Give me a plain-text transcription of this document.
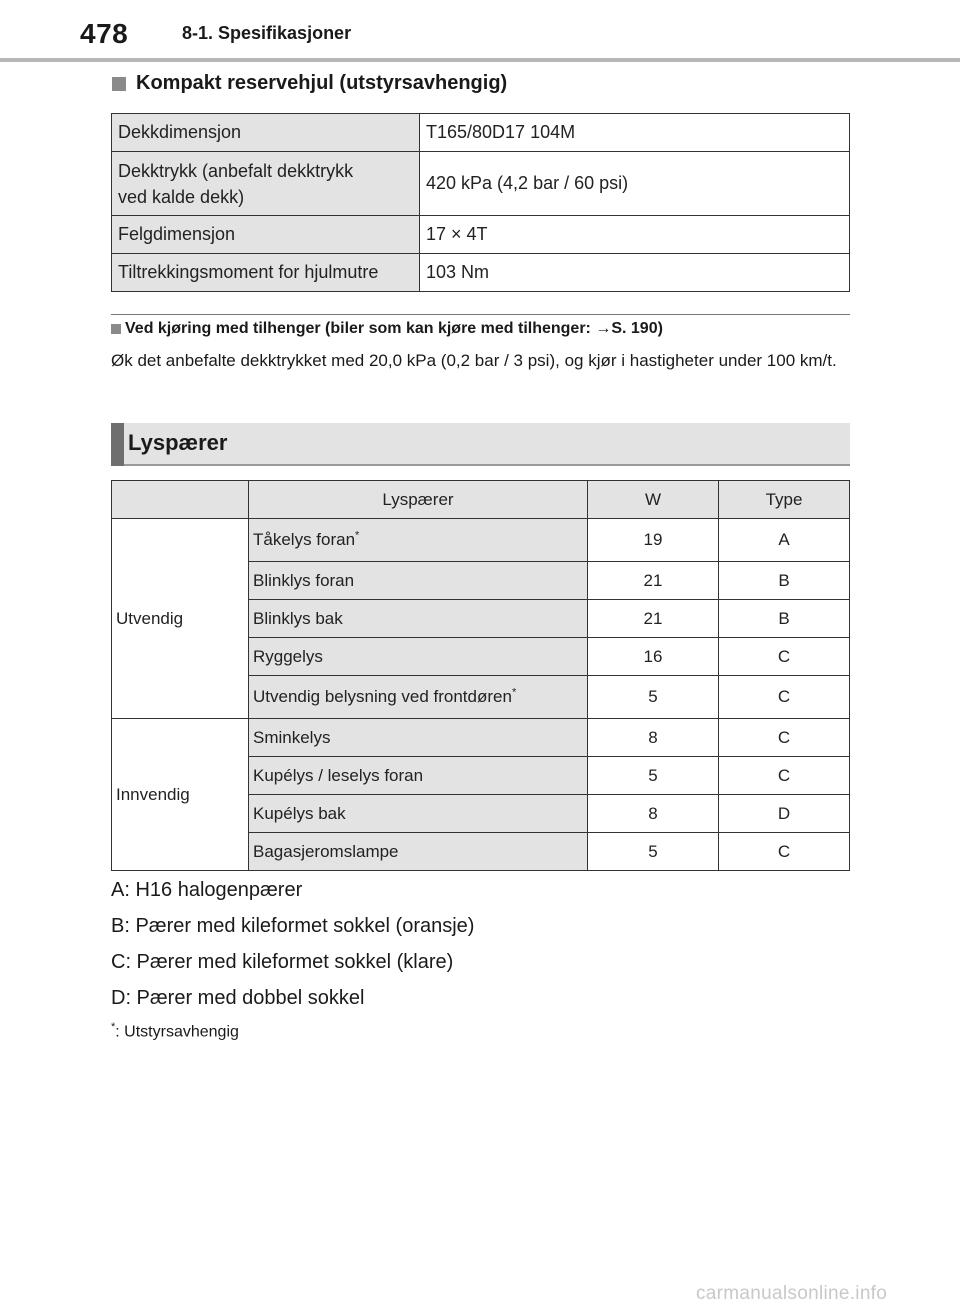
478	8-1. Spesifikasjoner
Kompakt reservehjul (utstyrsavhengig)
Dekkdimensjon	T165/80D17 104M
Dekktrykk (anbefalt dekktrykk
ved kalde dekk)	420 kPa (4,2 bar / 60 psi)
Felgdimensjon	17 × 4T
Tiltrekkingsmoment for hjulmutre	103 Nm
Ved kjøring med tilhenger (biler som kan kjøre med tilhenger: →S. 190)
Øk det anbefalte dekktrykket med 20,0 kPa (0,2 bar / 3 psi), og kjør i hastigheter under 100 km/t.
Lyspærer
	Lyspærer	W	Type
Utvendig	Tåkelys foran*	19	A
	Blinklys foran	21	B
	Blinklys bak	21	B
	Ryggelys	16	C
	Utvendig belysning ved frontdøren*	5	C
Innvendig	Sminkelys	8	C
	Kupélys / leselys foran	5	C
	Kupélys bak	8	D
	Bagasjeromslampe	5	C
A: H16 halogenpærer
B: Pærer med kileformet sokkel (oransje)
C: Pærer med kileformet sokkel (klare)
D: Pærer med dobbel sokkel
*: Utstyrsavhengig
carmanualsonline.info
